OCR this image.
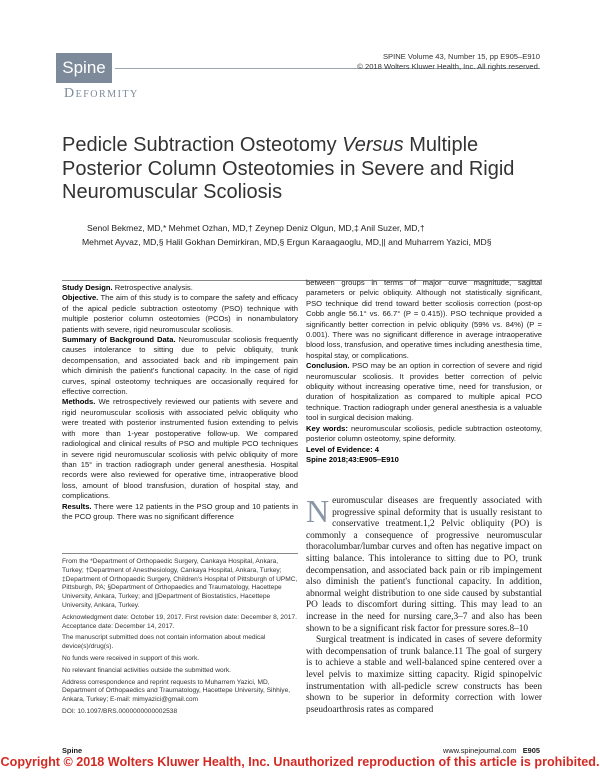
Spine
Deformity
SPINE Volume 43, Number 15, pp E905–E910
© 2018 Wolters Kluwer Health, Inc. All rights reserved.
Pedicle Subtraction Osteotomy Versus Multiple Posterior Column Osteotomies in Severe and Rigid Neuromuscular Scoliosis
Senol Bekmez, MD,* Mehmet Ozhan, MD,† Zeynep Deniz Olgun, MD,‡ Anil Suzer, MD,†
Mehmet Ayvaz, MD,§ Halil Gokhan Demirkiran, MD,§ Ergun Karaagaoglu, MD,|| and Muharrem Yazici, MD§

Study Design. Retrospective analysis.

Objective. The aim of this study is to compare the safety and efficacy of the apical pedicle subtraction osteotomy (PSO) technique with multiple posterior column osteotomies (PCOs) in nonambulatory patients with severe, rigid neuromuscular scoliosis.

Summary of Background Data. Neuromuscular scoliosis frequently causes intolerance to sitting due to pelvic obliquity, trunk decompensation, and associated back and rib impingement pain which diminish the patient's functional capacity. In the case of rigid curves, spinal osteotomy techniques are occasionally required for effective correction.

Methods. We retrospectively reviewed our patients with severe and rigid neuromuscular scoliosis with associated pelvic obliquity who were treated with posterior instrumented fusion extending to pelvis with more than 1-year postoperative follow-up. We compared radiological and clinical results of PSO and multiple PCO techniques in severe rigid neuromuscular scoliosis with pelvic obliquity of more than 15° in traction radiograph under general anesthesia. Hospital records were also reviewed for operative time, intraoperative blood loss, amount of blood transfusion, duration of hospital stay, and complications.

Results. There were 12 patients in the PSO group and 10 patients in the PCO group. There was no significant difference

between groups in terms of major curve magnitude, sagittal parameters or pelvic obliquity. Although not statistically significant, PSO technique did trend toward better scoliosis correction (post-op Cobb angle 56.1° vs. 66.7° (P = 0.415)). PSO technique provided a significantly better correction in pelvic obliquity (59% vs. 84%) (P = 0.001). There was no significant difference in average intraoperative blood loss, transfusion, and operative times including anesthesia time, hospital stay, or complications.

Conclusion. PSO may be an option in correction of severe and rigid neuromuscular scoliosis. It provides better correction of pelvic obliquity without increasing operative time, need for transfusion, or duration of hospitalization as compared to multiple apical PCO technique. Traction radiograph under general anesthesia is a valuable tool in surgical decision making.

Key words: neuromuscular scoliosis, pedicle subtraction osteotomy, posterior column osteotomy, spine deformity.

Level of Evidence: 4

Spine 2018;43:E905–E910

From the *Department of Orthopaedic Surgery, Cankaya Hospital, Ankara, Turkey; †Department of Anesthesiology, Cankaya Hospital, Ankara, Turkey; ‡Department of Orthopaedic Surgery, Children's Hospital of Pittsburgh of UPMC, Pittsburgh, PA; §Department of Orthopaedics and Traumatology, Hacettepe University, Ankara, Turkey; and ||Department of Biostatistics, Hacettepe University, Ankara, Turkey.

Acknowledgment date: October 19, 2017. First revision date: December 8, 2017. Acceptance date: December 14, 2017.

The manuscript submitted does not contain information about medical device(s)/drug(s).

No funds were received in support of this work.

No relevant financial activities outside the submitted work.

Address correspondence and reprint requests to Muharrem Yazici, MD, Department of Orthopaedics and Traumatology, Hacettepe University, Sihhiye, Ankara, Turkey; E-mail: mimyazici@gmail.com

DOI: 10.1097/BRS.0000000000002538

Neuromuscular diseases are frequently associated with progressive spinal deformity that is usually resistant to conservative treatment.1,2 Pelvic obliquity (PO) is commonly a consequence of progressive neuromuscular thoracolumbar/lumbar curves and often has negative impact on sitting balance. This intolerance to sitting due to PO, trunk decompensation, and associated back pain or rib impingement also diminish the patient's functional capacity. In addition, abnormal weight distribution to one side caused by substantial PO leads to discomfort during sitting. This may lead to an increase in the need for nursing care,3–7 and also has been shown to be a significant risk factor for pressure sores.8–10
Surgical treatment is indicated in cases of severe deformity with decompensation of trunk balance.11 The goal of surgery is to achieve a stable and well-balanced spine centered over a level pelvis to maximize sitting capacity. Rigid spinopelvic instrumentation with all-pedicle screw constructs has been shown to be superior in deformity correction with lower pseudoarthrosis rates as compared
Spine	www.spinejournal.com E905
Copyright © 2018 Wolters Kluwer Health, Inc. Unauthorized reproduction of this article is prohibited.
